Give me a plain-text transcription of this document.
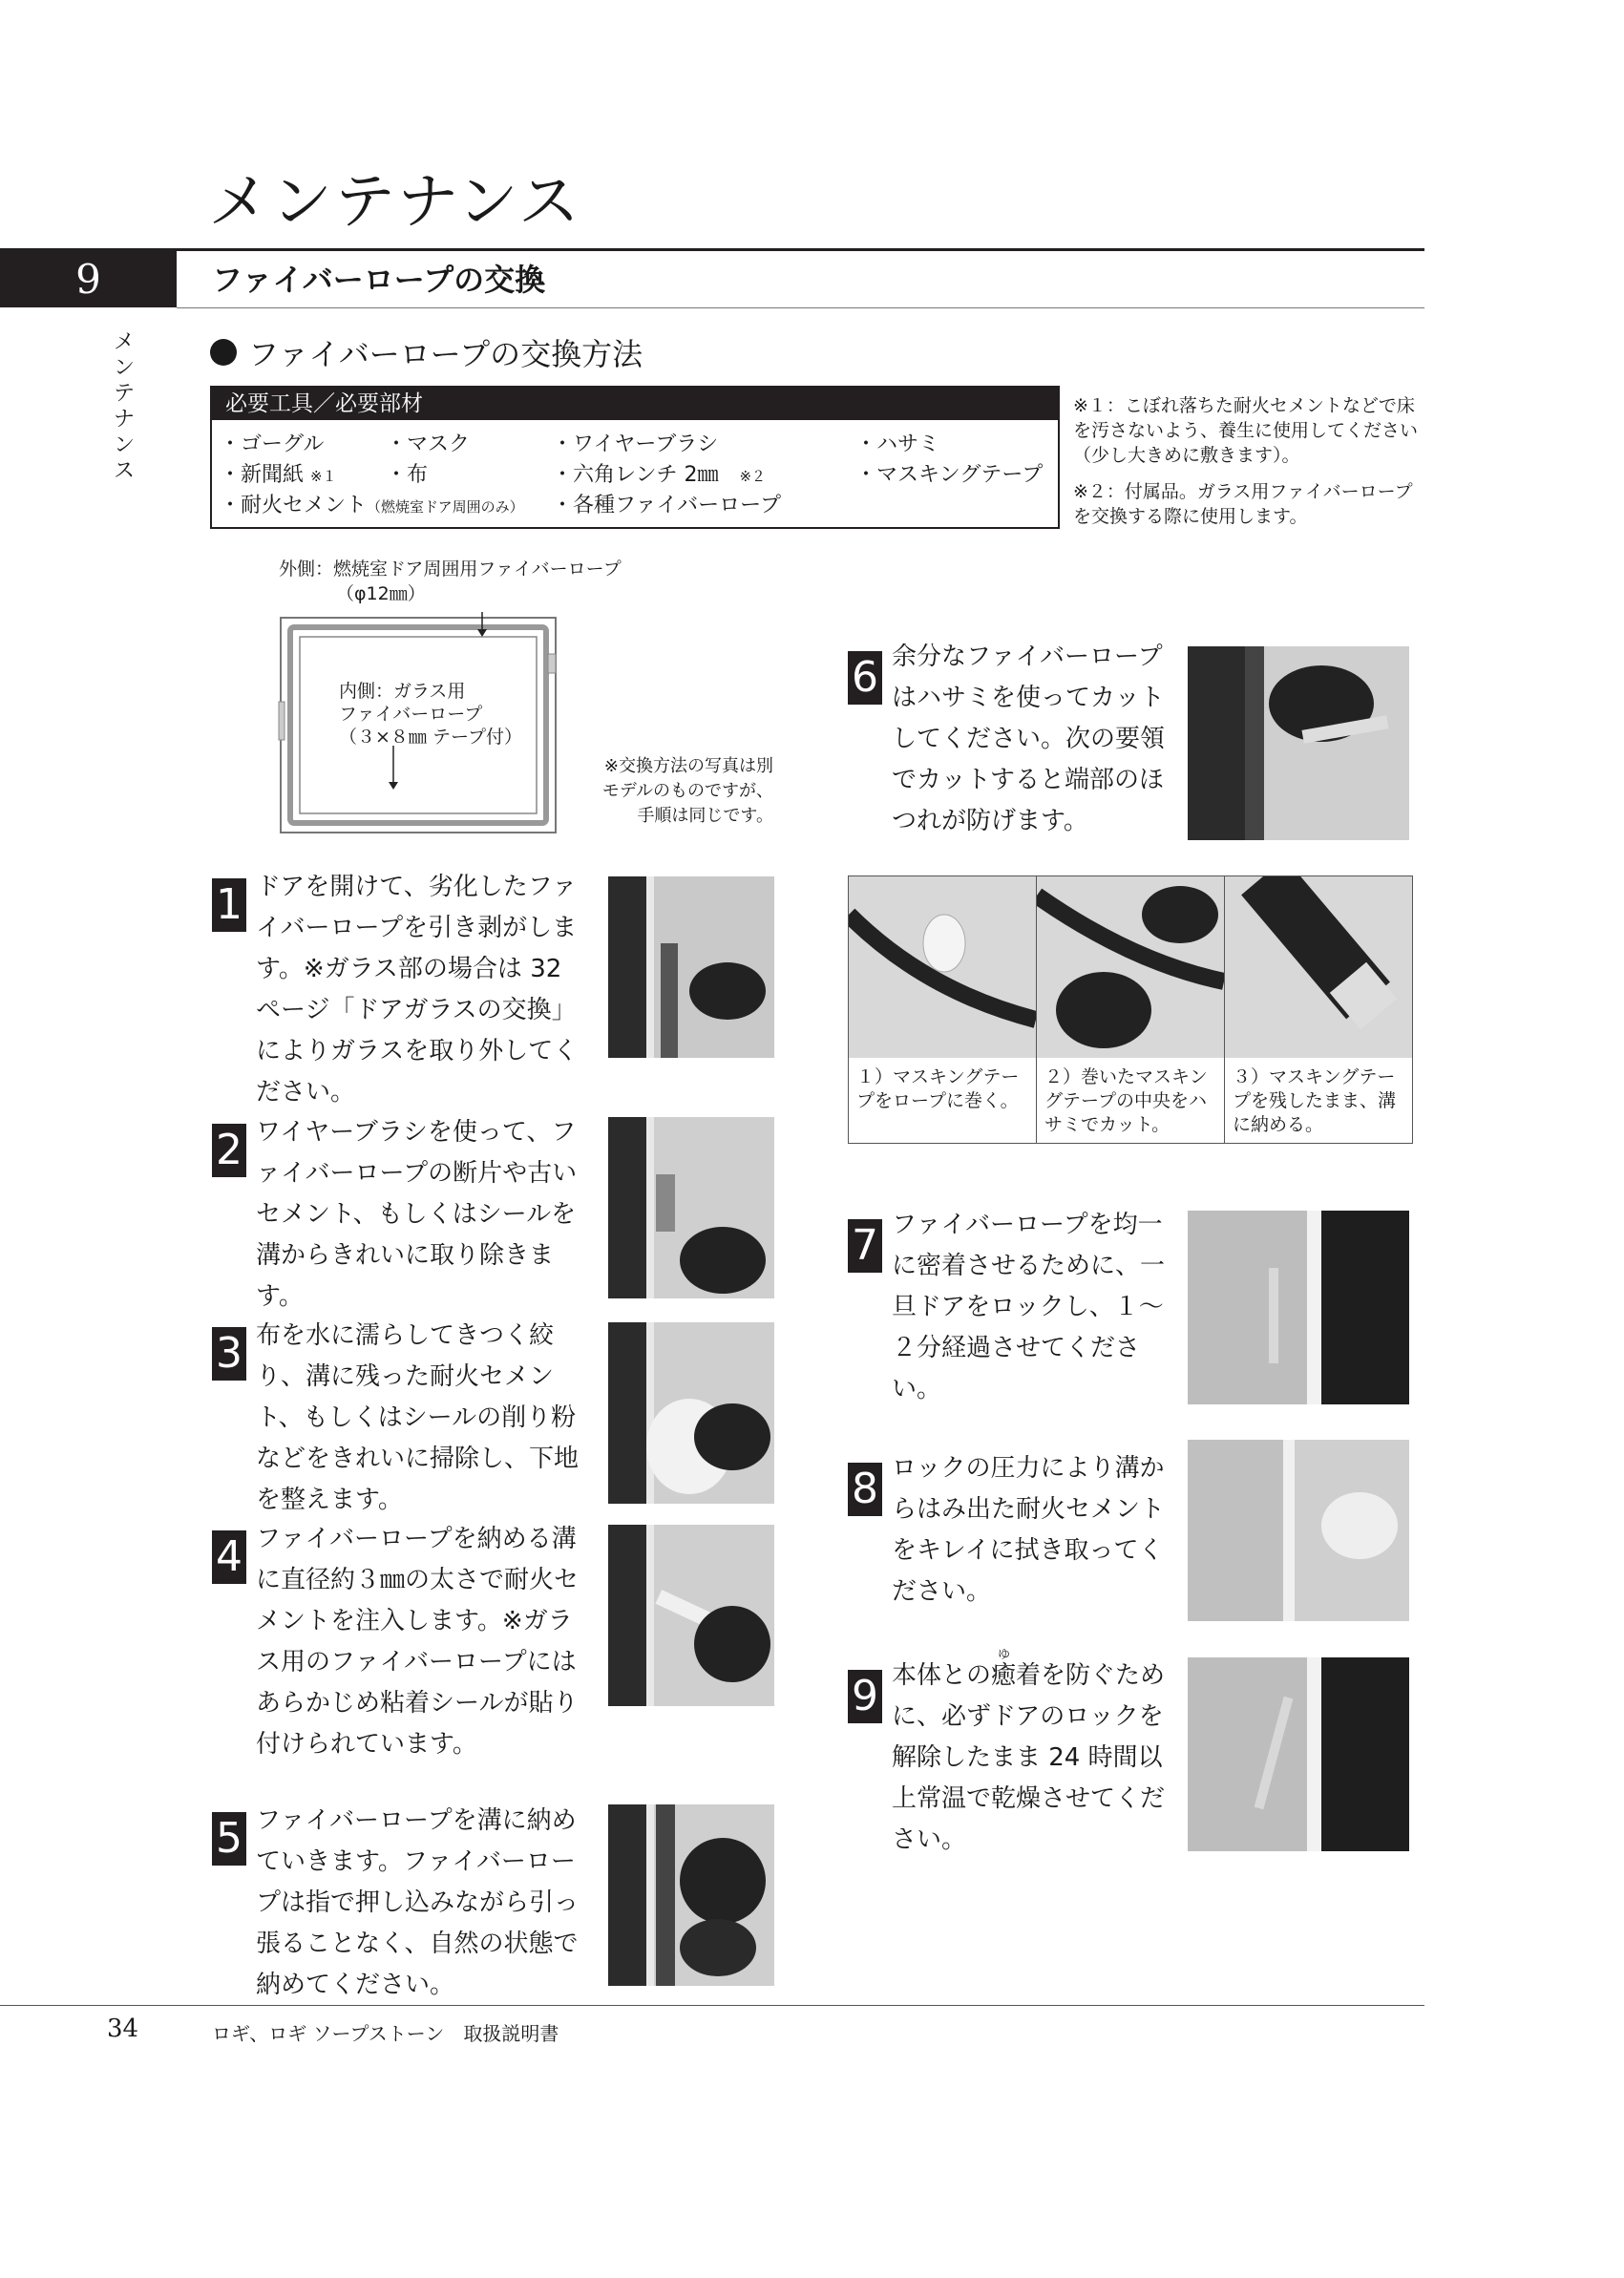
メンテナンス
9	ファイバーロープの交換
メ
ン
テ
ナ
ン
ス
ファイバーロープの交換方法
必要工具／必要部材
・ゴーグル
・新聞紙 ※１
・耐火セメント（燃焼室ドア周囲のみ）
・マスク
・布
・各種ファイバーロープ
・ワイヤーブラシ
・六角レンチ 2㎜　 ※２
・ハサミ
・マスキングテープ
※１：こぼれ落ちた耐火セメントなどで床を汚さないよう、養生に使用してください（少し大きめに敷きます）。
※２：付属品。ガラス用ファイバーロープを交換する際に使用します。
外側：燃焼室ドア周囲用ファイバーロープ
（φ12㎜）
内側：ガラス用
ファイバーロープ
（３×８㎜ テープ付）
※交換方法の写真は別モデルのものですが、手順は同じです。
1 ドアを開けて、劣化したファイバーロープを引き剥がします。※ガラス部の場合は 32 ページ「ドアガラスの交換」によりガラスを取り外してください。
2 ワイヤーブラシを使って、ファイバーロープの断片や古いセメント、もしくはシールを溝からきれいに取り除きます。
3 布を水に濡らしてきつく絞り、溝に残った耐火セメント、もしくはシールの削り粉などをきれいに掃除し、下地を整えます。
4 ファイバーロープを納める溝に直径約３㎜の太さで耐火セメントを注入します。※ガラス用のファイバーロープにはあらかじめ粘着シールが貼り付けられています。
5 ファイバーロープを溝に納めていきます。ファイバーロープは指で押し込みながら引っ張ることなく、自然の状態で納めてください。
6 余分なファイバーロープはハサミを使ってカットしてください。次の要領でカットすると端部のほつれが防げます。
１）マスキングテープをロープに巻く。
２）巻いたマスキングテープの中央をハサミでカット。
３）マスキングテープを残したまま、溝に納める。
7 ファイバーロープを均一に密着させるために、一旦ドアをロックし、１～２分経過させてください。
8 ロックの圧力により溝からはみ出た耐火セメントをキレイに拭き取ってください。
9 本体との癒着を防ぐために、必ずドアのロックを解除したまま 24 時間以上常温で乾燥させてください。
ゆ
34	ロギ、ロギ ソープストーン　取扱説明書
